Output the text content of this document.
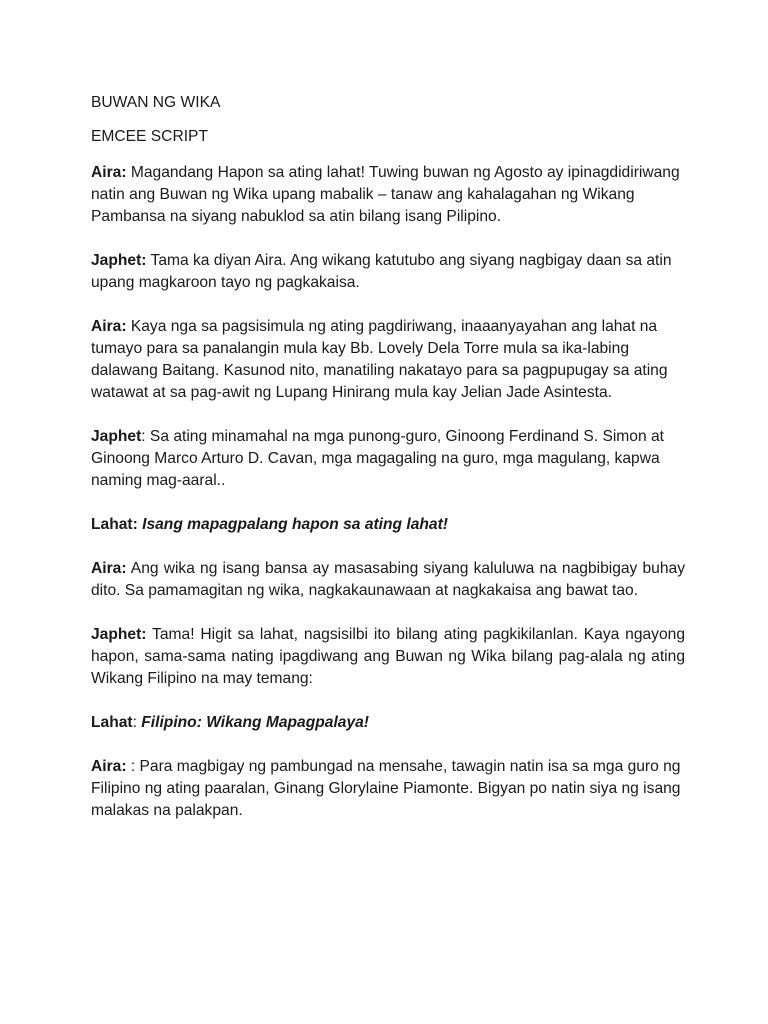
BUWAN NG WIKA
EMCEE SCRIPT

Aira: Magandang Hapon sa ating lahat! Tuwing buwan ng Agosto ay ipinagdidiriwang natin ang Buwan ng Wika upang mabalik – tanaw ang kahalagahan ng Wikang Pambansa na siyang nabuklod sa atin bilang isang Pilipino.

Japhet: Tama ka diyan Aira. Ang wikang katutubo ang siyang nagbigay daan sa atin upang magkaroon tayo ng pagkakaisa.

Aira: Kaya nga sa pagsisimula ng ating pagdiriwang, inaaanyayahan ang lahat na tumayo para sa panalangin mula kay Bb. Lovely Dela Torre mula sa ika-labing dalawang Baitang. Kasunod nito, manatiling nakatayo para sa pagpupugay sa ating watawat at sa pag-awit ng Lupang Hinirang mula kay Jelian Jade Asintesta.

Japhet: Sa ating minamahal na mga punong-guro, Ginoong Ferdinand S. Simon at Ginoong Marco Arturo D. Cavan, mga magagaling na guro, mga magulang, kapwa naming mag-aaral..

Lahat: Isang mapagpalang hapon sa ating lahat!

Aira: Ang wika ng isang bansa ay masasabing siyang kaluluwa na nagbibigay buhay dito. Sa pamamagitan ng wika, nagkakaunawaan at nagkakaisa ang bawat tao.

Japhet: Tama! Higit sa lahat, nagsisilbi ito bilang ating pagkikilanlan. Kaya ngayong hapon, sama-sama nating ipagdiwang ang Buwan ng Wika bilang pag-alala ng ating Wikang Filipino na may temang:

Lahat: Filipino: Wikang Mapagpalaya!

Aira: : Para magbigay ng pambungad na mensahe, tawagin natin isa sa mga guro ng Filipino ng ating paaralan, Ginang Glorylaine Piamonte. Bigyan po natin siya ng isang malakas na palakpan.
